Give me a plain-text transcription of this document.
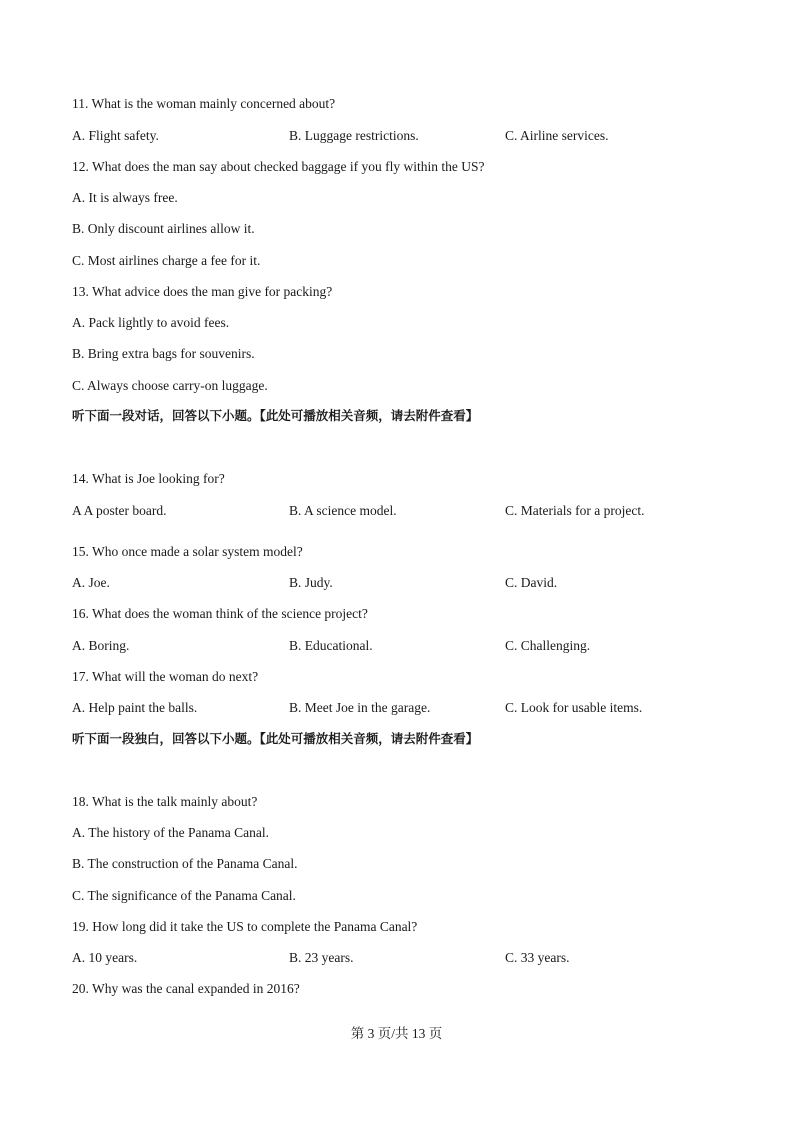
11. What is the woman mainly concerned about?
A. Flight safety.	B. Luggage restrictions.	C. Airline services.
12. What does the man say about checked baggage if you fly within the US?
A. It is always free.
B. Only discount airlines allow it.
C. Most airlines charge a fee for it.
13. What advice does the man give for packing?
A. Pack lightly to avoid fees.
B. Bring extra bags for souvenirs.
C. Always choose carry-on luggage.
听下面一段对话，回答以下小题。【此处可播放相关音频，请去附件查看】
14. What is Joe looking for?
A A poster board.	B. A science model.	C. Materials for a project.
15. Who once made a solar system model?
A. Joe.	B. Judy.	C. David.
16. What does the woman think of the science project?
A. Boring.	B. Educational.	C. Challenging.
17. What will the woman do next?
A. Help paint the balls.	B. Meet Joe in the garage.	C. Look for usable items.
听下面一段独白，回答以下小题。【此处可播放相关音频，请去附件查看】
18. What is the talk mainly about?
A. The history of the Panama Canal.
B. The construction of the Panama Canal.
C. The significance of the Panama Canal.
19. How long did it take the US to complete the Panama Canal?
A. 10 years.	B. 23 years.	C. 33 years.
20. Why was the canal expanded in 2016?
第 3 页/共 13 页
